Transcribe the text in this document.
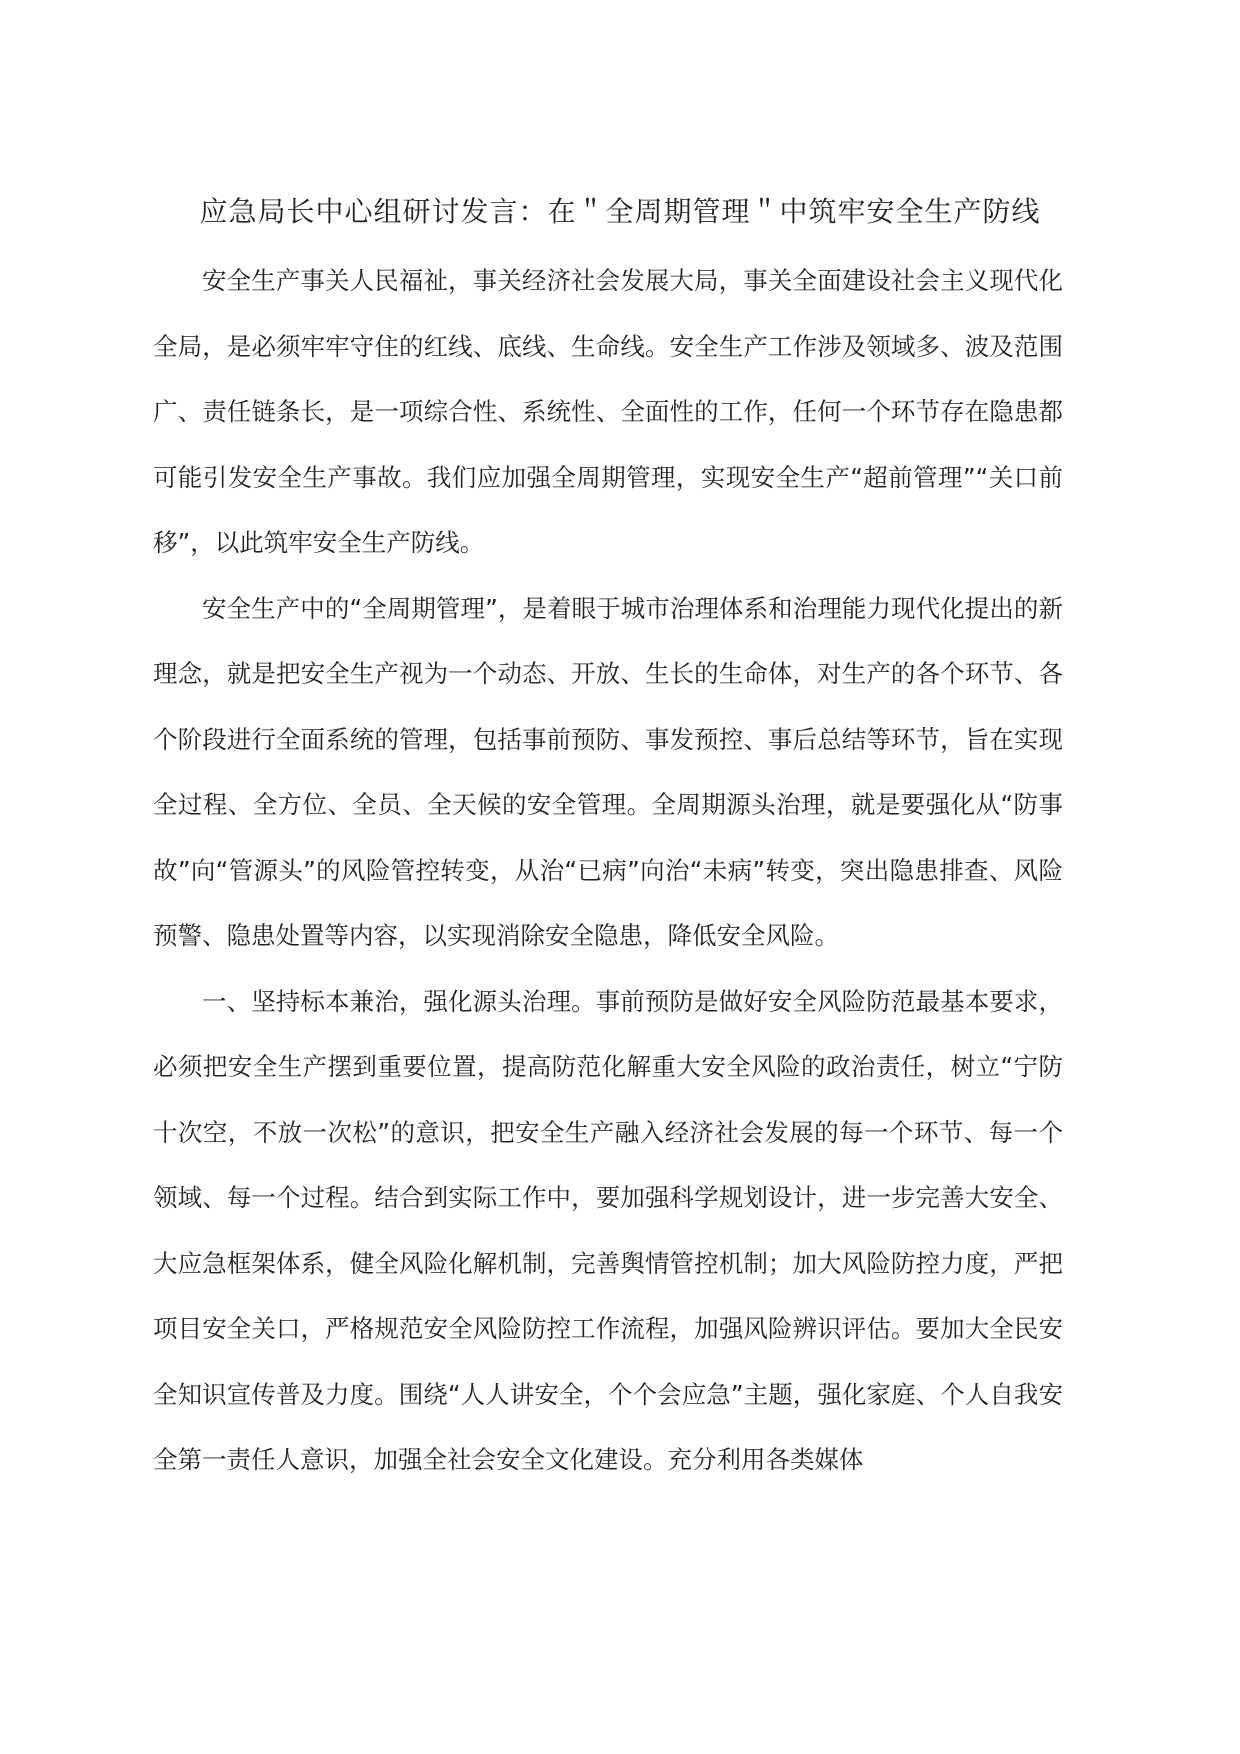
应急局长中心组研讨发言：在＂全周期管理＂中筑牢安全生产防线

安全生产事关人民福祉，事关经济社会发展大局，事关全面建设社会主义现代化全局，是必须牢牢守住的红线、底线、生命线。安全生产工作涉及领域多、波及范围广、责任链条长，是一项综合性、系统性、全面性的工作，任何一个环节存在隐患都可能引发安全生产事故。我们应加强全周期管理，实现安全生产“超前管理”“关口前移”，以此筑牢安全生产防线。

安全生产中的“全周期管理”，是着眼于城市治理体系和治理能力现代化提出的新理念，就是把安全生产视为一个动态、开放、生长的生命体，对生产的各个环节、各个阶段进行全面系统的管理，包括事前预防、事发预控、事后总结等环节，旨在实现全过程、全方位、全员、全天候的安全管理。全周期源头治理，就是要强化从“防事故”向“管源头”的风险管控转变，从治“已病”向治“未病”转变，突出隐患排查、风险预警、隐患处置等内容，以实现消除安全隐患，降低安全风险。

一、坚持标本兼治，强化源头治理。事前预防是做好安全风险防范最基本要求，必须把安全生产摆到重要位置，提高防范化解重大安全风险的政治责任，树立“宁防十次空，不放一次松”的意识，把安全生产融入经济社会发展的每一个环节、每一个领域、每一个过程。结合到实际工作中，要加强科学规划设计，进一步完善大安全、大应急框架体系，健全风险化解机制，完善舆情管控机制；加大风险防控力度，严把项目安全关口，严格规范安全风险防控工作流程，加强风险辨识评估。要加大全民安全知识宣传普及力度。围绕“人人讲安全，个个会应急”主题，强化家庭、个人自我安全第一责任人意识，加强全社会安全文化建设。充分利用各类媒体
